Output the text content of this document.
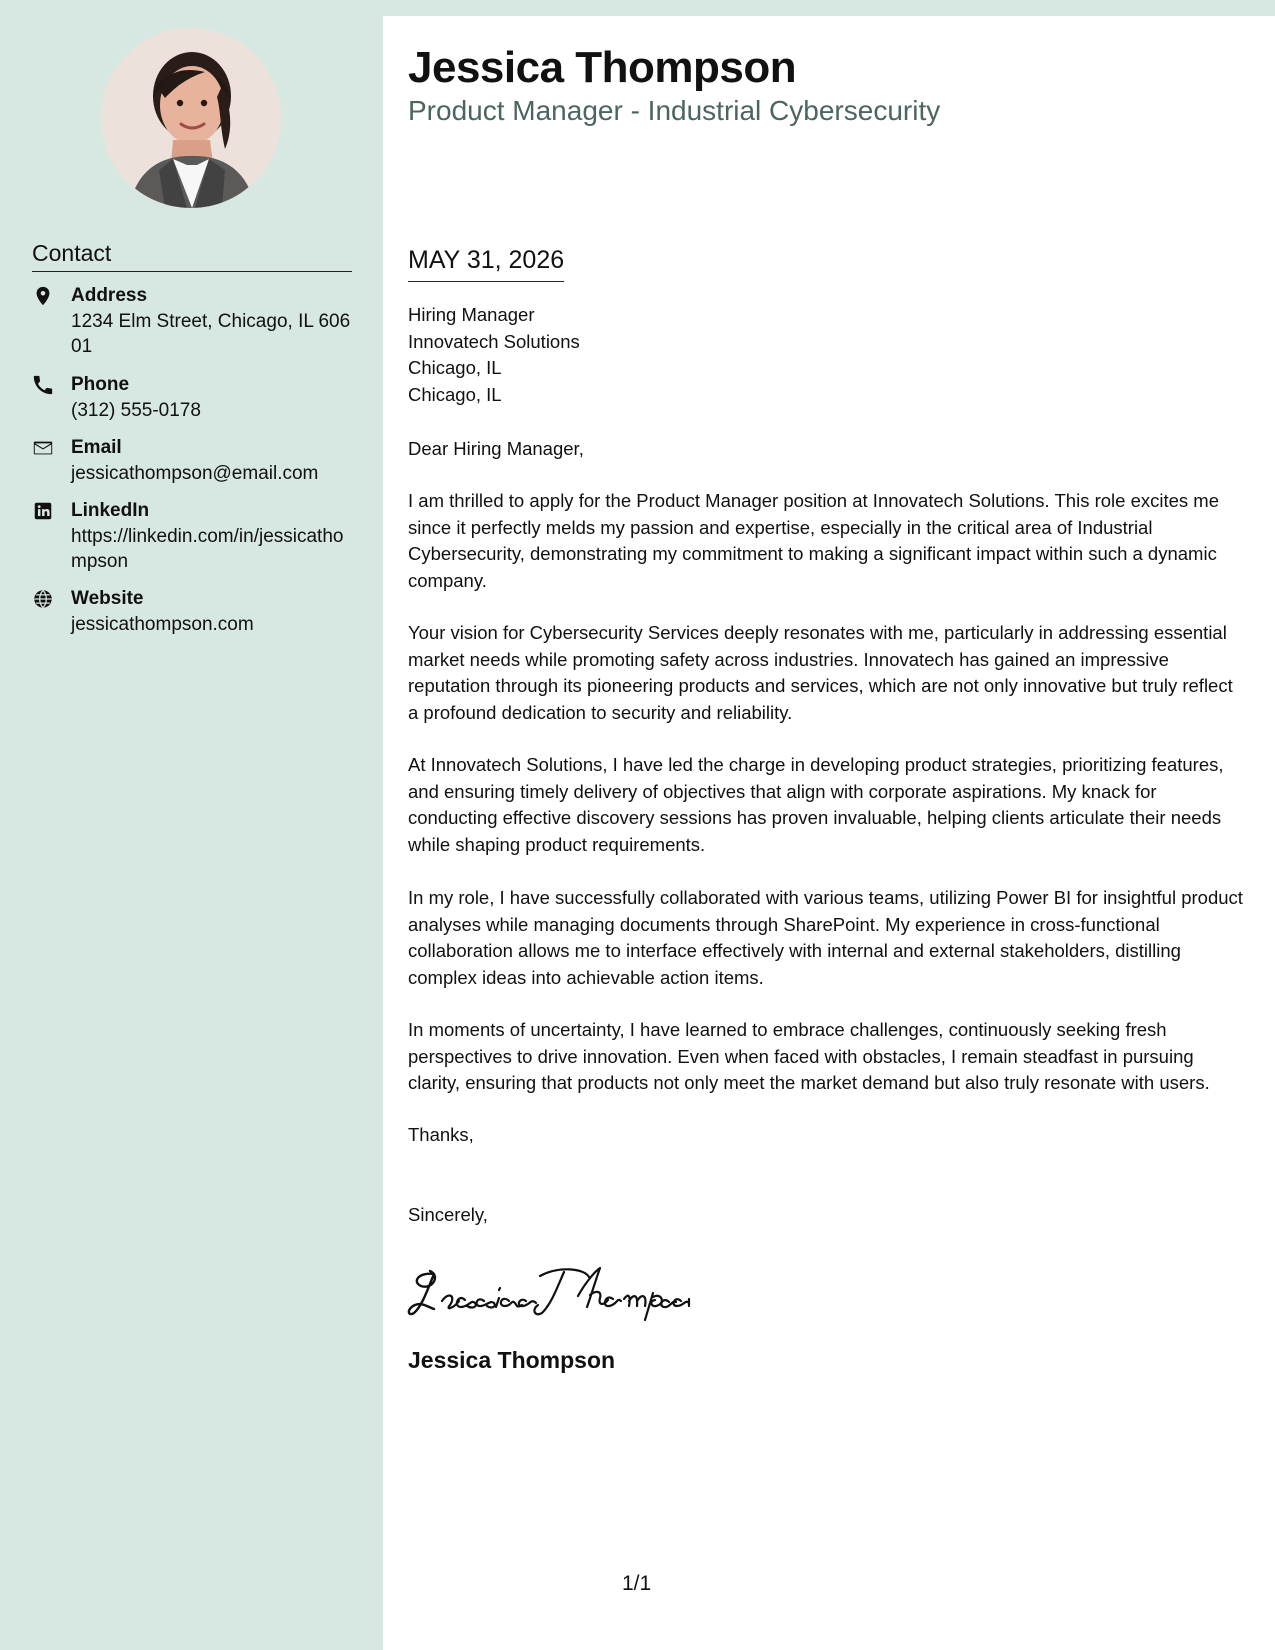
Contact
Address
1234 Elm Street, Chicago, IL 60601
Phone
(312) 555-0178
Email
jessicathompson@email.com
LinkedIn
https://linkedin.com/in/jessicathompson
Website
jessicathompson.com
Jessica Thompson
Product Manager - Industrial Cybersecurity
MAY 31, 2026
Hiring Manager
Innovatech Solutions
Chicago, IL
Chicago, IL
Dear Hiring Manager,
I am thrilled to apply for the Product Manager position at Innovatech Solutions. This role excites me since it perfectly melds my passion and expertise, especially in the critical area of Industrial Cybersecurity, demonstrating my commitment to making a significant impact within such a dynamic company.
Your vision for Cybersecurity Services deeply resonates with me, particularly in addressing essential market needs while promoting safety across industries. Innovatech has gained an impressive reputation through its pioneering products and services, which are not only innovative but truly reflect a profound dedication to security and reliability.
At Innovatech Solutions, I have led the charge in developing product strategies, prioritizing features, and ensuring timely delivery of objectives that align with corporate aspirations. My knack for conducting effective discovery sessions has proven invaluable, helping clients articulate their needs while shaping product requirements.
In my role, I have successfully collaborated with various teams, utilizing Power BI for insightful product analyses while managing documents through SharePoint. My experience in cross-functional collaboration allows me to interface effectively with internal and external stakeholders, distilling complex ideas into achievable action items.
In moments of uncertainty, I have learned to embrace challenges, continuously seeking fresh perspectives to drive innovation. Even when faced with obstacles, I remain steadfast in pursuing clarity, ensuring that products not only meet the market demand but also truly resonate with users.
Thanks,
Sincerely,
Jessica Thompson
1/1
